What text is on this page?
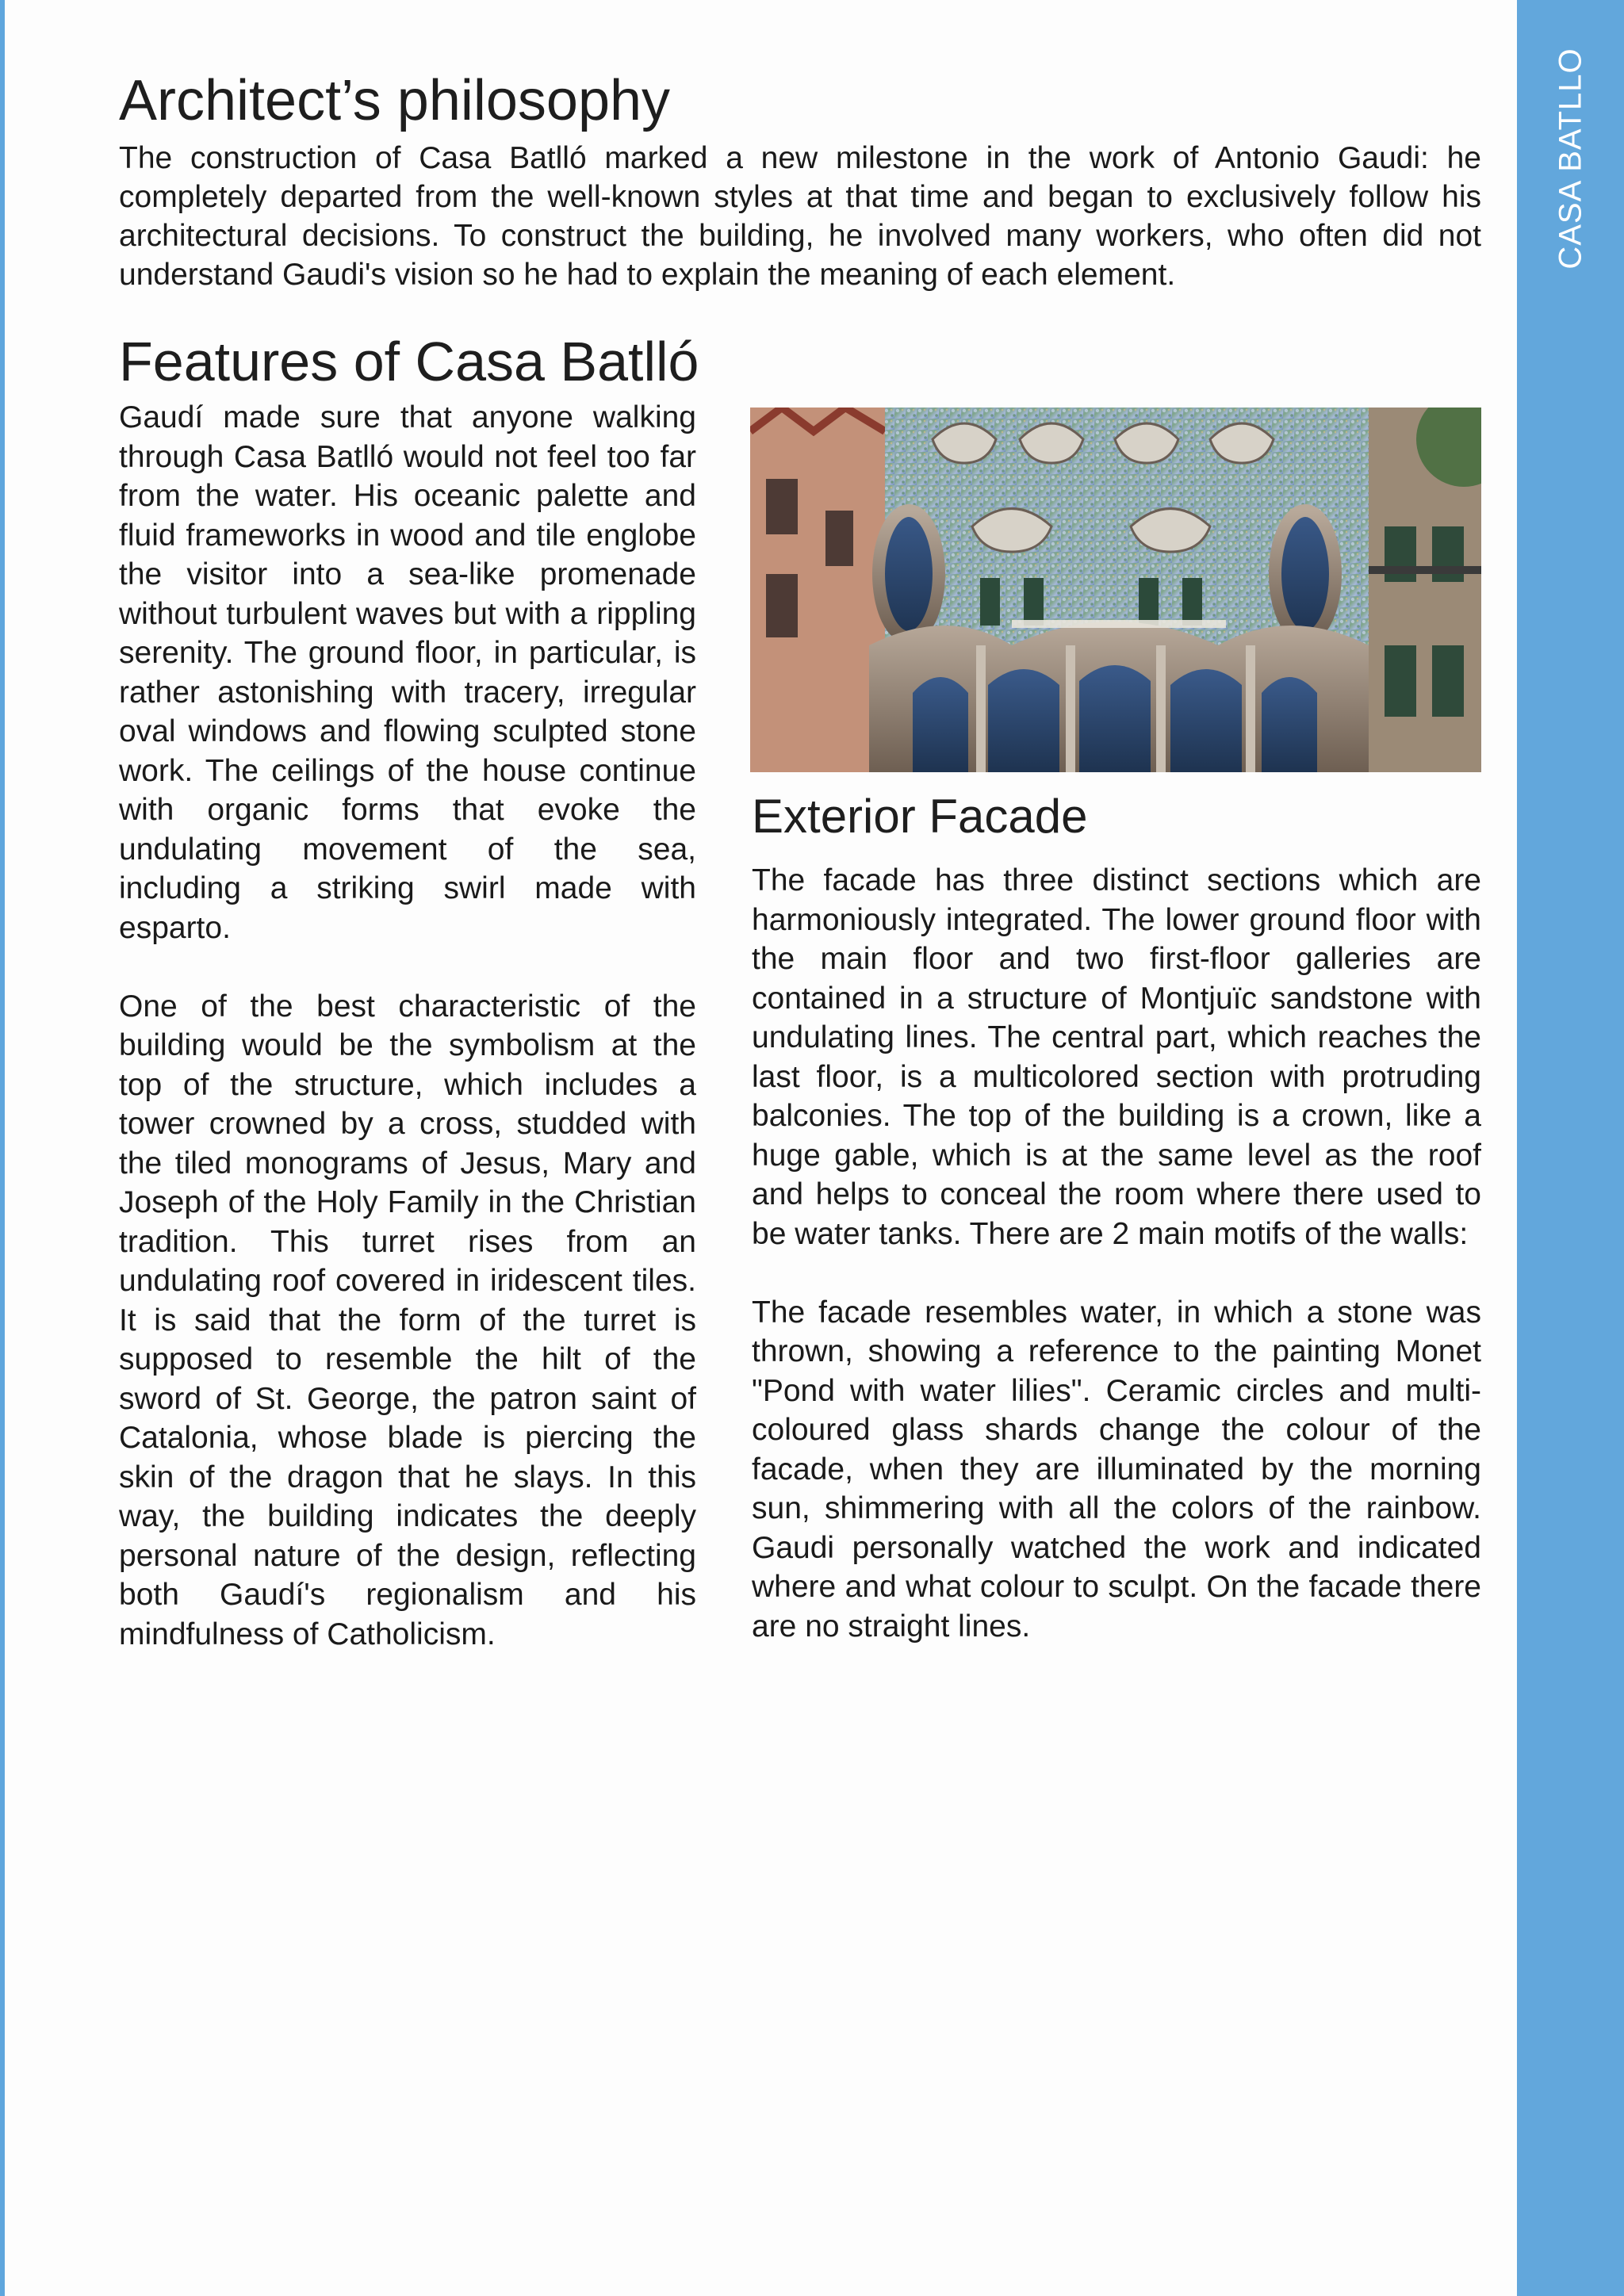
CASA BATLLO
Architect’s philosophy

The construction of Casa Batlló marked a new milestone in the work of Antonio Gaudi: he completely departed from the well-known styles at that time and began to exclusively follow his architectural decisions. To construct the building, he involved many workers, who often did not understand Gaudi's vision so he had to explain the meaning of each element.

Features of Casa Batlló

Gaudí made sure that anyone walking through Casa Batlló would not feel too far from the water. His oceanic palette and fluid frameworks in wood and tile englobe the visitor into a sea-like promenade without turbulent waves but with a rippling serenity. The ground floor, in particular, is rather astonishing with tracery, irregular oval windows and flowing sculpted stone work. The ceilings of the house continue with organic forms that evoke the undulating movement of the sea, including a striking swirl made with esparto.

One of the best characteristic of the building would be the symbolism at the top of the structure, which includes a tower crowned by a cross, studded with the tiled monograms of Jesus, Mary and Joseph of the Holy Family in the Christian tradition. This turret rises from an undulating roof covered in iridescent tiles. It is said that the form of the turret is supposed to resemble the hilt of the sword of St. George, the patron saint of Catalonia, whose blade is piercing the skin of the dragon that he slays. In this way, the building indicates the deeply personal nature of the design, reflecting both Gaudí's regionalism and his mindfulness of Catholicism.

Exterior Facade

The facade has three distinct sections which are harmoniously integrated. The lower ground floor with the main floor and two first-floor galleries are contained in a structure of Montjuïc sandstone with undulating lines. The central part, which reaches the last floor, is a multicolored section with protruding balconies. The top of the building is a crown, like a huge gable, which is at the same level as the roof and helps to conceal the room where there used to be water tanks. There are 2 main motifs of the walls:

The facade resembles water, in which a stone was thrown, showing a reference to the painting Monet "Pond with water lilies". Ceramic circles and multi-coloured glass shards change the colour of the facade, when they are illuminated by the morning sun, shimmering with all the colors of the rainbow. Gaudi personally watched the work and indicated where and what colour to sculpt. On the facade there are no straight lines.
